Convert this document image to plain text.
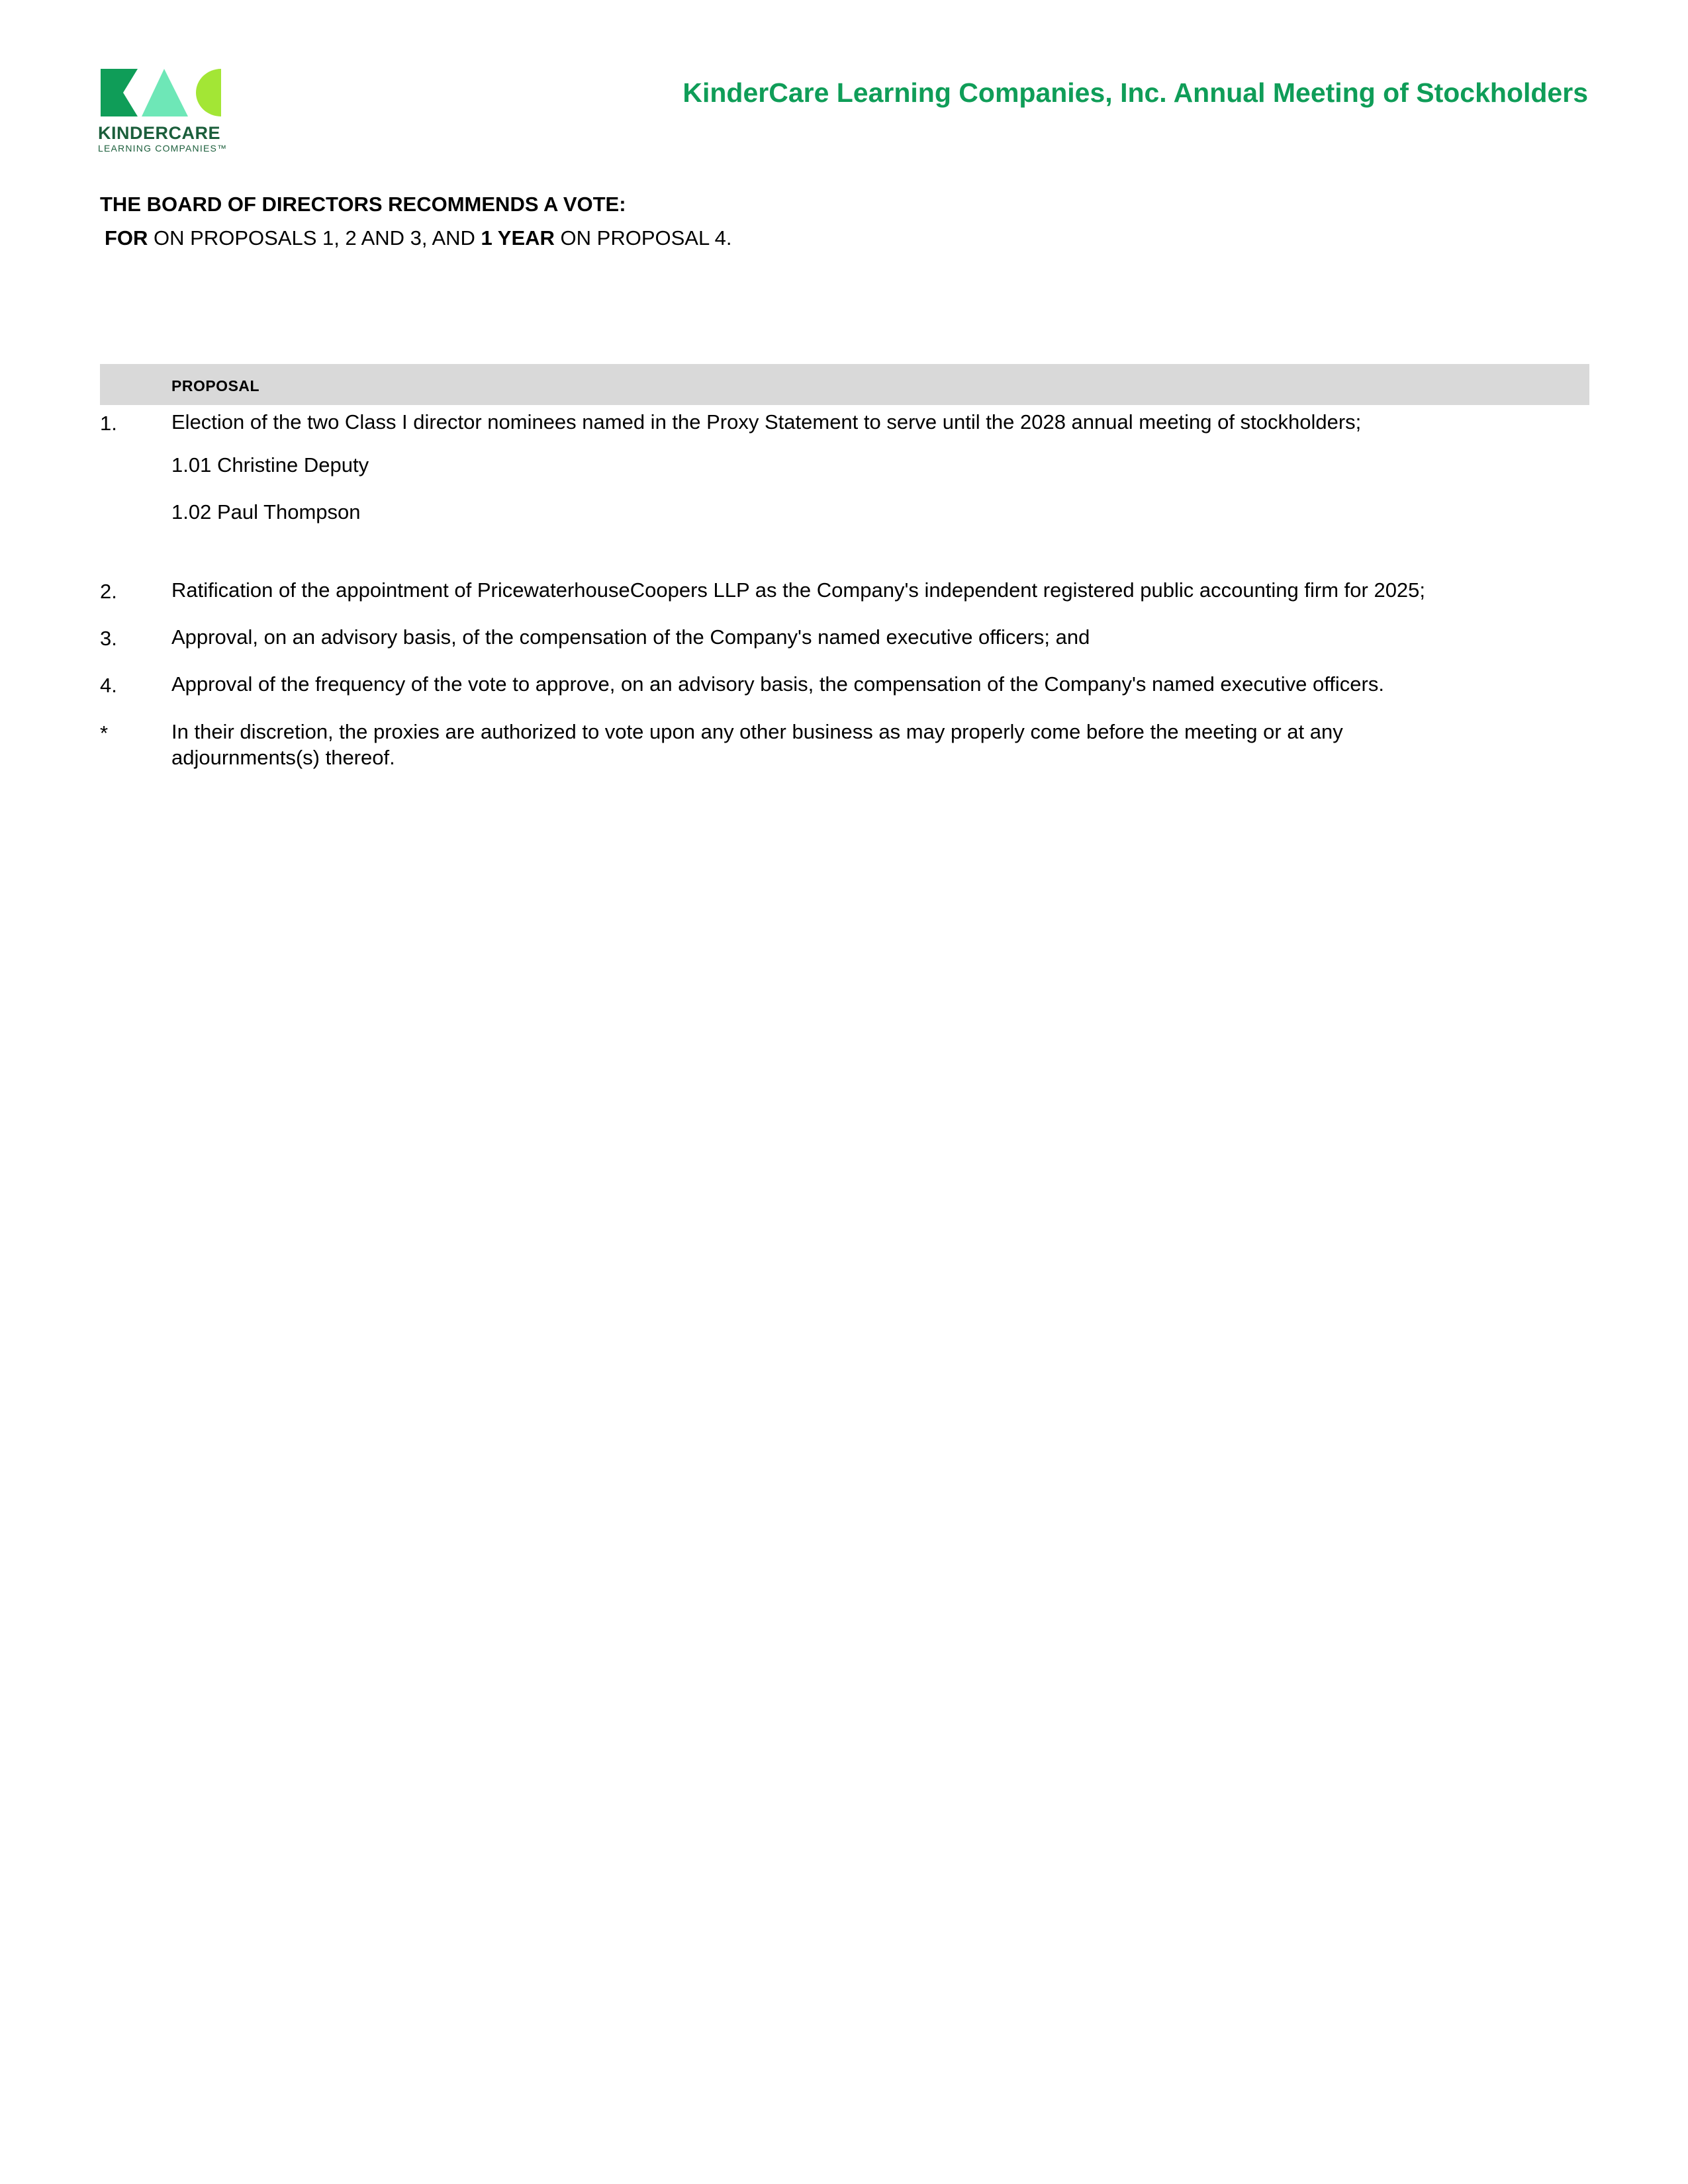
KINDERCARE
LEARNING COMPANIES™
KinderCare Learning Companies, Inc. Annual Meeting of Stockholders
THE BOARD OF DIRECTORS RECOMMENDS A VOTE:
FOR ON PROPOSALS 1, 2 AND 3, AND 1 YEAR ON PROPOSAL 4.
PROPOSAL
1.	Election of the two Class I director nominees named in the Proxy Statement to serve until the 2028 annual meeting of stockholders;
1.01 Christine Deputy
1.02 Paul Thompson
2.	Ratification of the appointment of PricewaterhouseCoopers LLP as the Company's independent registered public accounting firm for 2025;
3.	Approval, on an advisory basis, of the compensation of the Company's named executive officers; and
4.	Approval of the frequency of the vote to approve, on an advisory basis, the compensation of the Company's named executive officers.
*	In their discretion, the proxies are authorized to vote upon any other business as may properly come before the meeting or at any adjournments(s) thereof.
